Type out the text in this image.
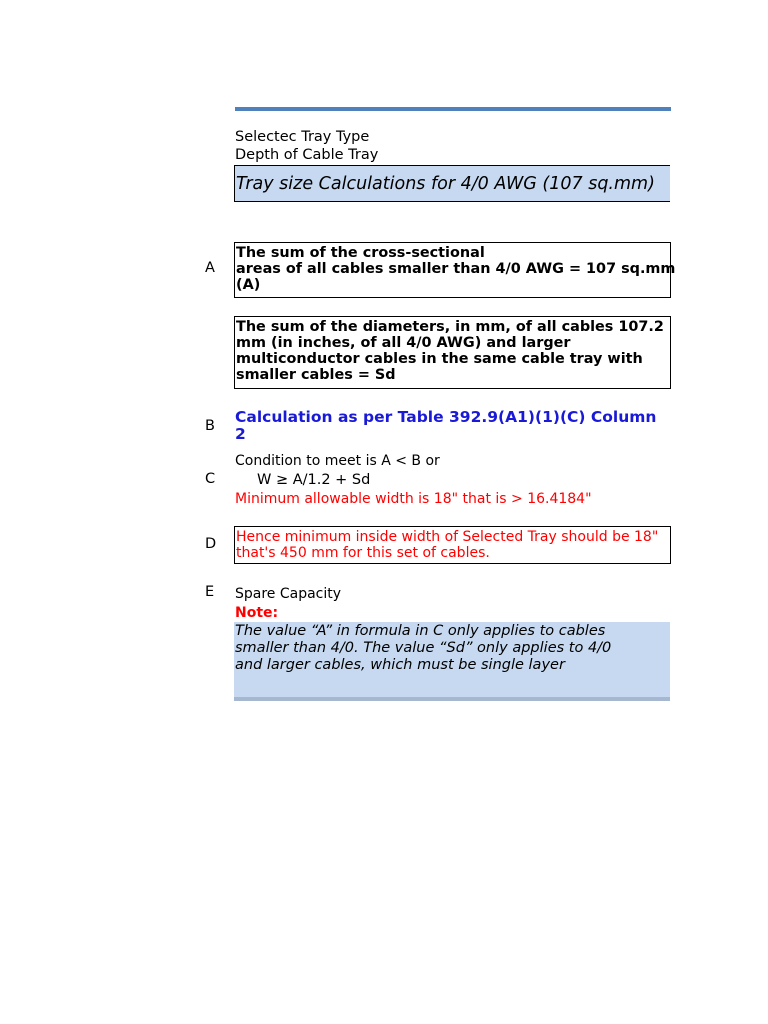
Selectec Tray Type
Depth of Cable Tray
Tray size Calculations for 4/0 AWG (107 sq.mm)
A
The sum of the cross-sectional
areas of all cables smaller than 4/0 AWG = 107 sq.mm
(A)
The sum of the diameters, in mm, of all cables 107.2
mm (in inches, of all 4/0 AWG) and larger
multiconductor cables in the same cable tray with
smaller cables = Sd
B Calculation as per Table 392.9(A1)(1)(C) Column 2
C
Condition to meet is A < B or
W ≥ A/1.2 + Sd
Minimum allowable width is 18" that is > 16.4184"
D Hence minimum inside width of Selected Tray should be 18"
that's 450 mm for this set of cables.
E Spare Capacity
Note:
The value “A” in formula in C only applies to cables
smaller than 4/0. The value “Sd” only applies to 4/0
and larger cables, which must be single layer
